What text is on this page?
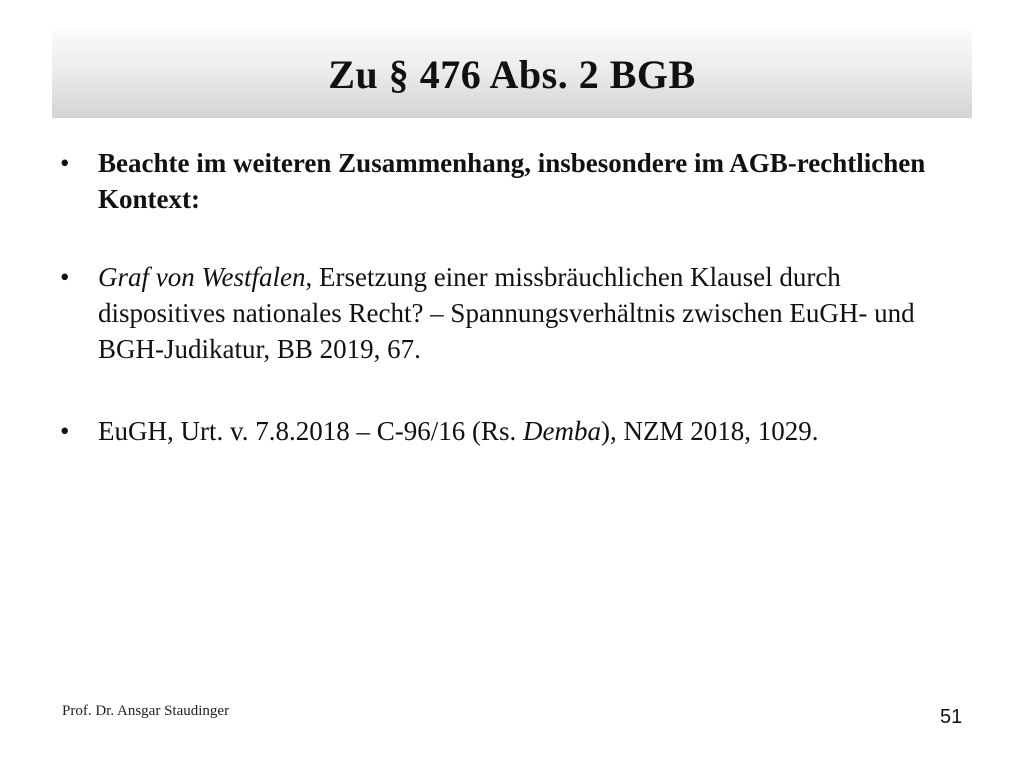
Zu § 476 Abs. 2 BGB
•	Beachte im weiteren Zusammenhang, insbesondere im AGB-rechtlichen Kontext:
•	Graf von Westfalen, Ersetzung einer missbräuchlichen Klausel durch dispositives nationales Recht? – Spannungsverhältnis zwischen EuGH- und BGH-Judikatur, BB 2019, 67.
•	EuGH, Urt. v. 7.8.2018 – C-96/16 (Rs. Demba), NZM 2018, 1029.
Prof. Dr. Ansgar Staudinger	51
